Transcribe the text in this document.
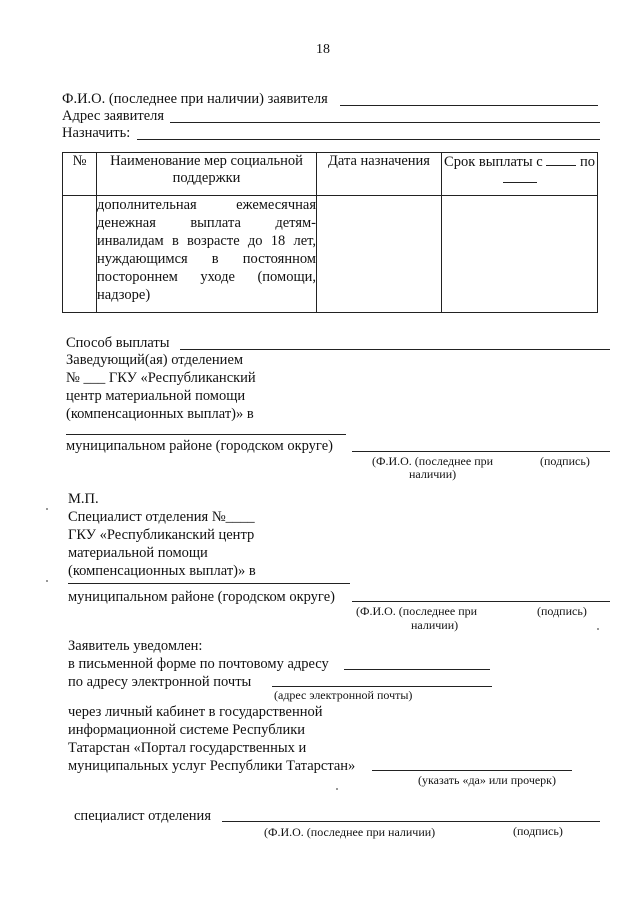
18
Ф.И.О. (последнее при наличии) заявителя
Адрес заявителя
Назначить:
№	Наименование мер социальной поддержки	Дата назначения	Срок выплаты с по

	дополнительная ежемесячная денежная выплата детям-инвалидам в возрасте до 18 лет, нуждающимся в постоянном постороннем уходе (помощи, надзоре)		
Способ выплаты
Заведующий(ая) отделением
№ ___ ГКУ «Республиканский
центр материальной помощи
(компенсационных выплат)» в
муниципальном районе (городском округе)
(Ф.И.О. (последнее при
наличии)
(подпись)
М.П.
Специалист отделения №____
ГКУ «Республиканский центр
материальной помощи
(компенсационных выплат)» в
муниципальном районе (городском округе)
(Ф.И.О. (последнее при
наличии)
(подпись)
Заявитель уведомлен:
в письменной форме по почтовому адресу
по адресу электронной почты
(адрес электронной почты)
через личный кабинет в государственной
информационной системе Республики
Татарстан «Портал государственных и
муниципальных услуг Республики Татарстан»
(указать «да» или прочерк)
специалист отделения
(Ф.И.О. (последнее при наличии)	(подпись)
